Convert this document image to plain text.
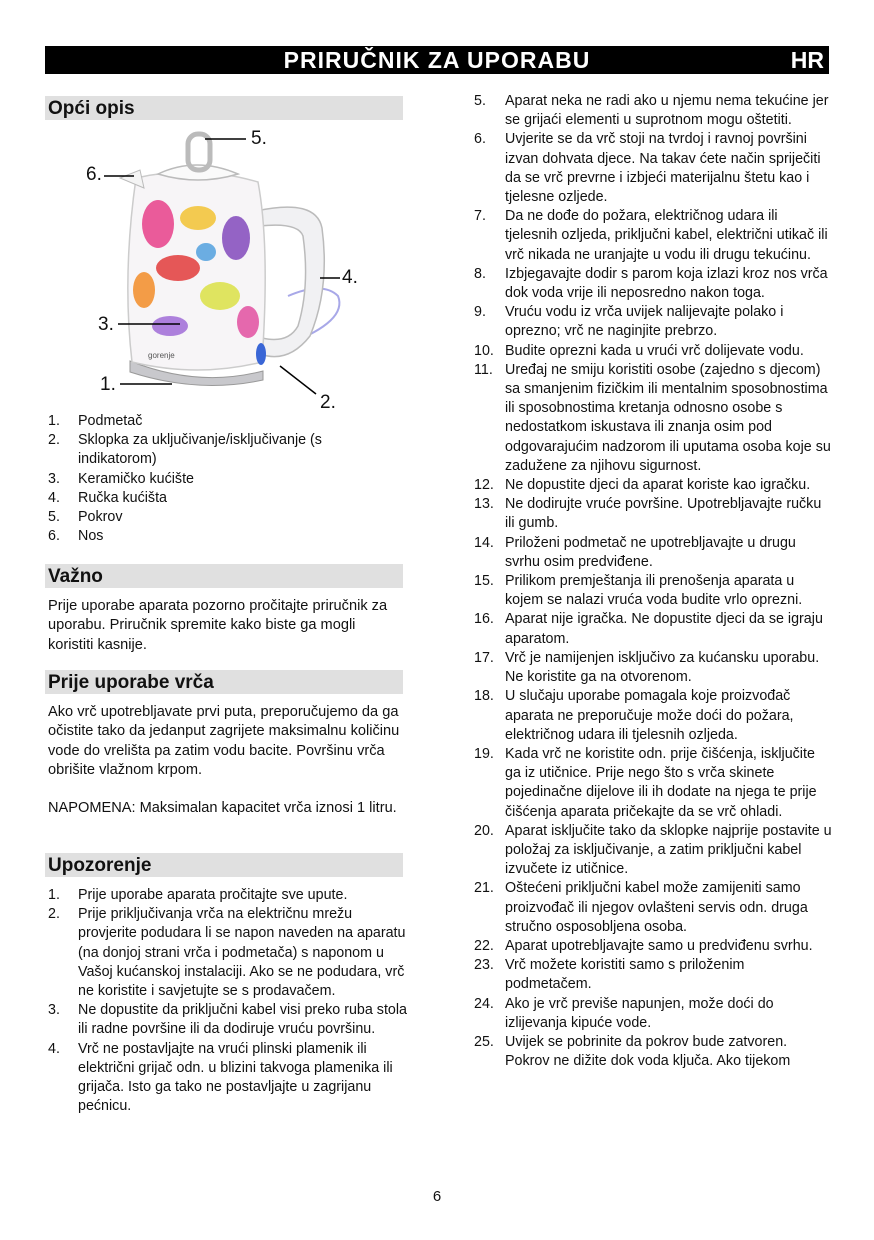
PRIRUČNIK ZA UPORABU	HR
Opći opis
gorenje
1.
2.
3.
4.
5.
6.
1. Podmetač
2. Sklopka za uključivanje/isključivanje (s indikatorom)
3. Keramičko kućište
4. Ručka kućišta
5. Pokrov
6. Nos
Važno

Prije uporabe aparata pozorno pročitajte priručnik za uporabu. Priručnik spremite kako biste ga mogli koristiti kasnije.

Prije uporabe vrča

Ako vrč upotrebljavate prvi puta, preporučujemo da ga očistite tako da jedanput zagrijete maksimalnu količinu vode do vrelišta pa zatim vodu bacite. Površinu vrča obrišite vlažnom krpom.

NAPOMENA: Maksimalan kapacitet vrča iznosi 1 litru.

Upozorenje
1. Prije uporabe aparata pročitajte sve upute.
2. Prije priključivanja vrča na električnu mrežu provjerite podudara li se napon naveden na aparatu (na donjoj strani vrča i podmetača) s naponom u Vašoj kućanskoj instalaciji. Ako se ne podudara, vrč ne koristite i savjetujte se s prodavačem.
3. Ne dopustite da priključni kabel visi preko ruba stola ili radne površine ili da dodiruje vruću površinu.
4. Vrč ne postavljajte na vrući plinski plamenik ili električni grijač odn. u blizini takvoga plamenika ili grijača. Isto ga tako ne postavljajte u zagrijanu pećnicu.
5. Aparat neka ne radi ako u njemu nema tekućine jer se grijaći elementi u suprotnom mogu oštetiti.
6. Uvjerite se da vrč stoji na tvrdoj i ravnoj površini izvan dohvata djece. Na takav ćete način spriječiti da se vrč prevrne i izbjeći materijalnu štetu kao i tjelesne ozljede.
7. Da ne dođe do požara, električnog udara ili tjelesnih ozljeda, priključni kabel, električni utikač ili vrč nikada ne uranjajte u vodu ili drugu tekućinu.
8. Izbjegavajte dodir s parom koja izlazi kroz nos vrča dok voda vrije ili neposredno nakon toga.
9. Vruću vodu iz vrča uvijek nalijevajte polako i oprezno; vrč ne naginjite prebrzo.
10. Budite oprezni kada u vrući vrč dolijevate vodu.
11. Uređaj ne smiju koristiti osobe (zajedno s djecom) sa smanjenim fizičkim ili mentalnim sposobnostima ili sposobnostima kretanja odnosno osobe s nedostatkom iskustava ili znanja osim pod odgovarajućim nadzorom ili uputama osoba koje su zadužene za njihovu sigurnost.
12. Ne dopustite djeci da aparat koriste kao igračku.
13. Ne dodirujte vruće površine. Upotrebljavajte ručku ili gumb.
14. Priloženi podmetač ne upotrebljavajte u drugu svrhu osim predviđene.
15. Prilikom premještanja ili prenošenja aparata u kojem se nalazi vruća voda budite vrlo oprezni.
16. Aparat nije igračka. Ne dopustite djeci da se igraju aparatom.
17. Vrč je namijenjen isključivo za kućansku uporabu. Ne koristite ga na otvorenom.
18. U slučaju uporabe pomagala koje proizvođač aparata ne preporučuje može doći do požara, električnog udara ili tjelesnih ozljeda.
19. Kada vrč ne koristite odn. prije čišćenja, isključite ga iz utičnice. Prije nego što s vrča skinete pojedinačne dijelove ili ih dodate na njega te prije čišćenja aparata pričekajte da se vrč ohladi.
20. Aparat isključite tako da sklopke najprije postavite u položaj za isključivanje, a zatim priključni kabel izvučete iz utičnice.
21. Oštećeni priključni kabel može zamijeniti samo proizvođač ili njegov ovlašteni servis odn. druga stručno osposobljena osoba.
22. Aparat upotrebljavajte samo u predviđenu svrhu.
23. Vrč možete koristiti samo s priloženim podmetačem.
24. Ako je vrč previše napunjen, može doći do izlijevanja kipuće vode.
25. Uvijek se pobrinite da pokrov bude zatvoren. Pokrov ne dižite dok voda ključa. Ako tijekom
6
